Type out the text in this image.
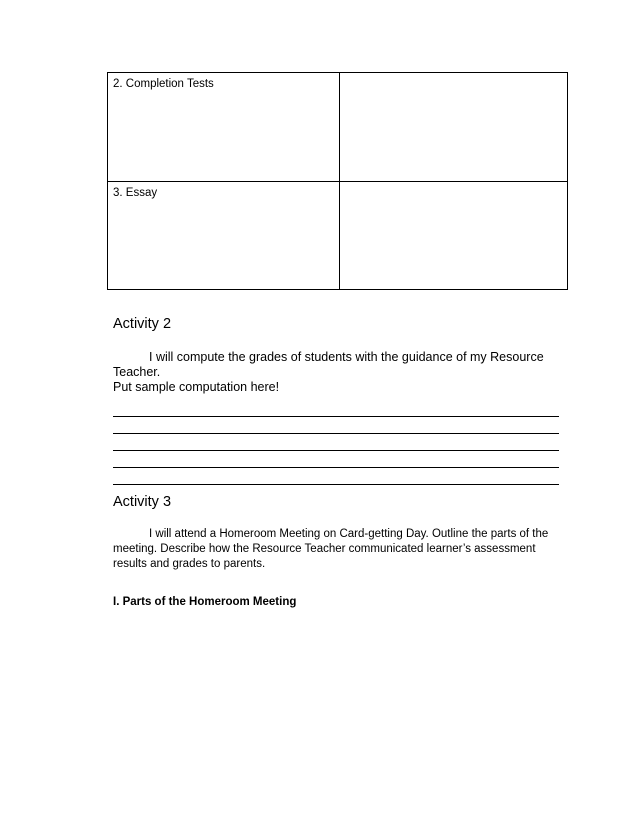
2. Completion Tests	
3. Essay	
Activity 2

I will compute the grades of students with the guidance of my Resource Teacher.

Put sample computation here!

Activity 3

I will attend a Homeroom Meeting on Card-getting Day. Outline the parts of the meeting. Describe how the Resource Teacher communicated learner’s assessment results and grades to parents.

I. Parts of the Homeroom Meeting
